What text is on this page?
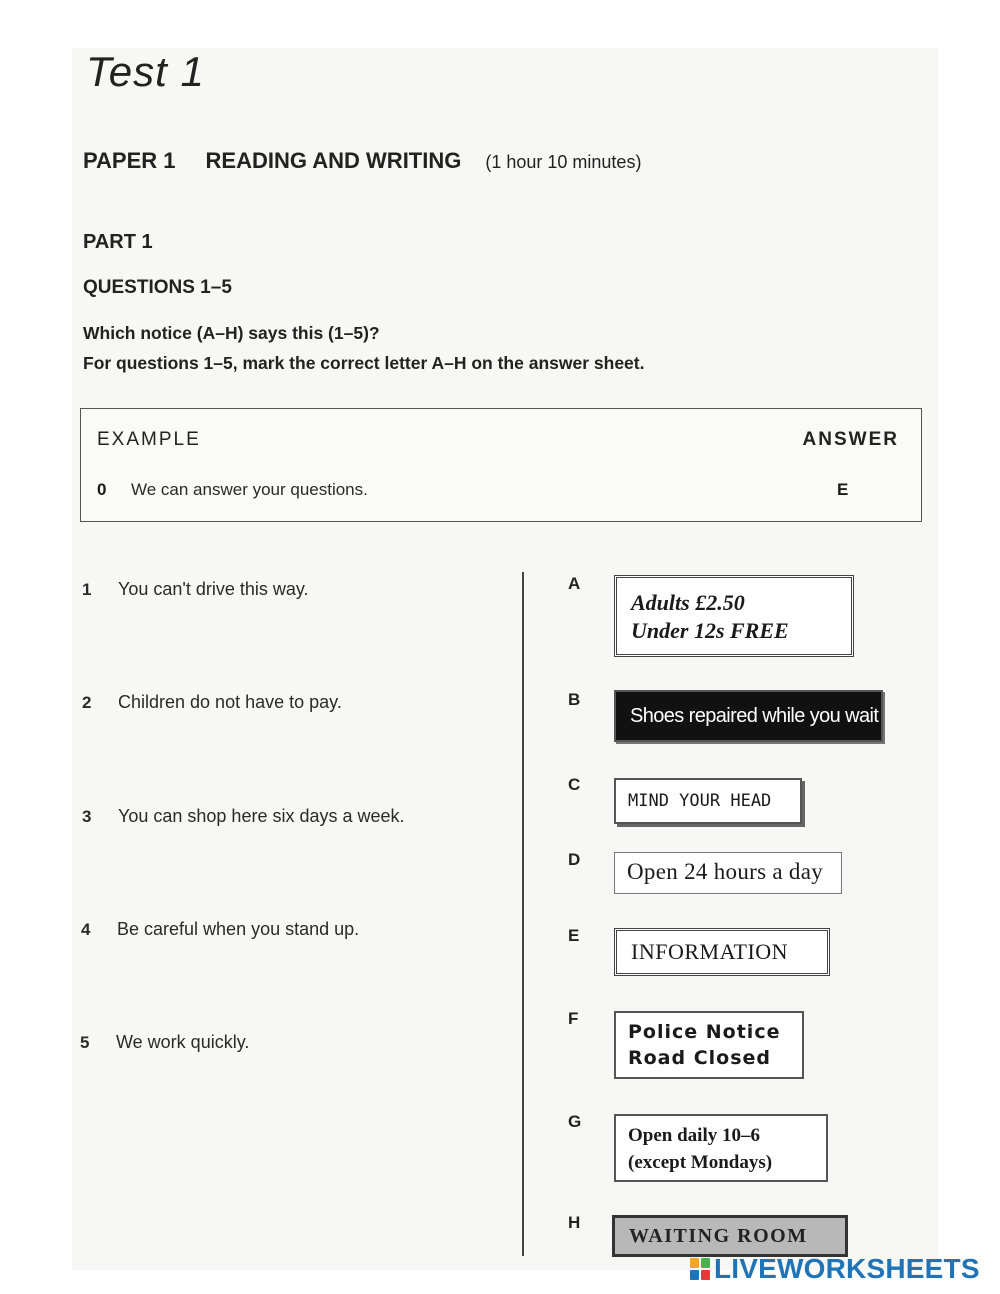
Test 1
PAPER 1 READING AND WRITING (1 hour 10 minutes)
PART 1
QUESTIONS 1–5
Which notice (A–H) says this (1–5)?
For questions 1–5, mark the correct letter A–H on the answer sheet.
EXAMPLE	ANSWER
0 We can answer your questions.	E
1 You can't drive this way.
2 Children do not have to pay.
3 You can shop here six days a week.
4 Be careful when you stand up.
5 We work quickly.
A
Adults £2.50
Under 12s FREE
B
Shoes repaired while you wait
C
MIND YOUR HEAD
D Open 24 hours a day
E
INFORMATION
F
Police Notice
Road Closed
G
Open daily 10–6
(except Mondays)
H
WAITING ROOM
LIVEWORKSHEETS
